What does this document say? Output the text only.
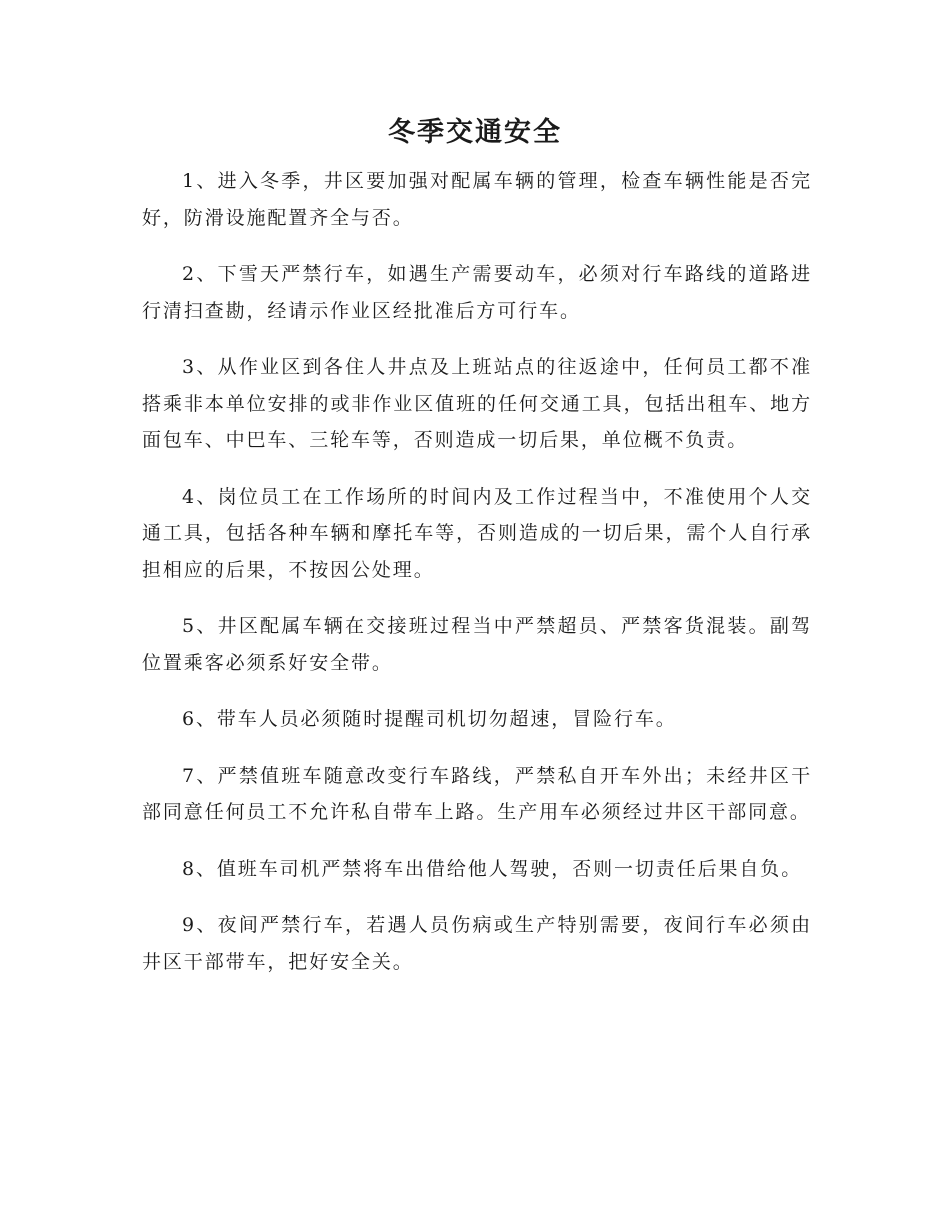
冬季交通安全

1、进入冬季，井区要加强对配属车辆的管理，检查车辆性能是否完好，防滑设施配置齐全与否。

2、下雪天严禁行车，如遇生产需要动车，必须对行车路线的道路进行清扫查勘，经请示作业区经批准后方可行车。

3、从作业区到各住人井点及上班站点的往返途中，任何员工都不准搭乘非本单位安排的或非作业区值班的任何交通工具，包括出租车、地方面包车、中巴车、三轮车等，否则造成一切后果，单位概不负责。

4、岗位员工在工作场所的时间内及工作过程当中，不准使用个人交通工具，包括各种车辆和摩托车等，否则造成的一切后果，需个人自行承担相应的后果，不按因公处理。

5、井区配属车辆在交接班过程当中严禁超员、严禁客货混装。副驾位置乘客必须系好安全带。

6、带车人员必须随时提醒司机切勿超速，冒险行车。

7、严禁值班车随意改变行车路线，严禁私自开车外出；未经井区干部同意任何员工不允许私自带车上路。生产用车必须经过井区干部同意。

8、值班车司机严禁将车出借给他人驾驶，否则一切责任后果自负。

9、夜间严禁行车，若遇人员伤病或生产特别需要，夜间行车必须由井区干部带车，把好安全关。
